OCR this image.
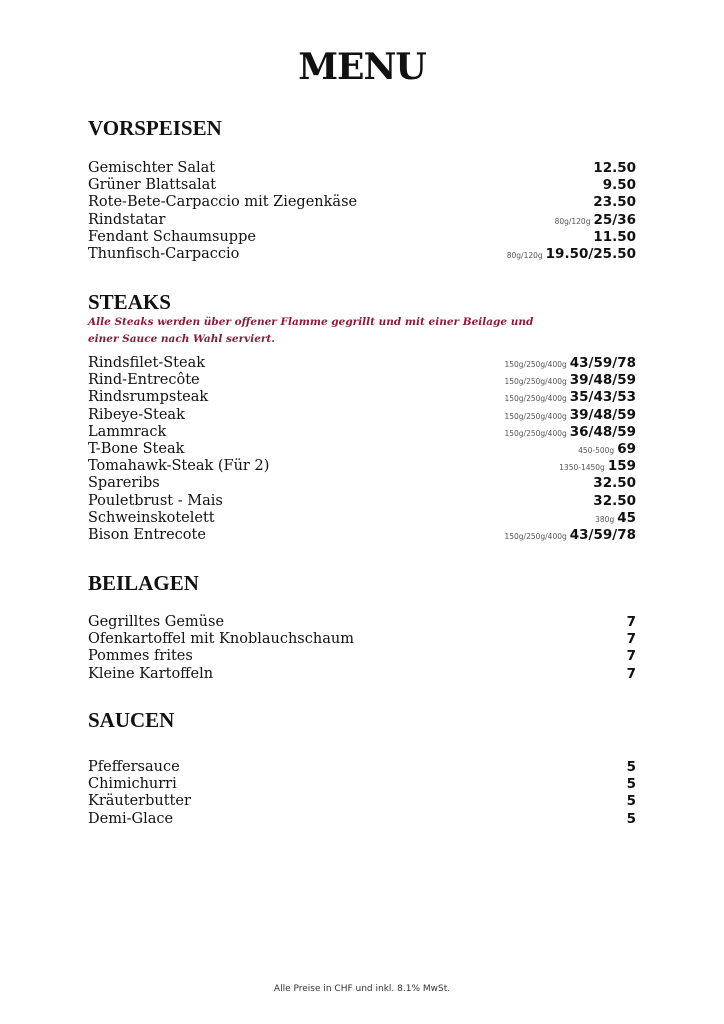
MENU
VORSPEISEN
Gemischter Salat	12.50
Grüner Blattsalat	9.50
Rote-Bete-Carpaccio mit Ziegenkäse	23.50
Rindstatar	80g/120g 25/36
Fendant Schaumsuppe	11.50
Thunfisch-Carpaccio	80g/120g 19.50/25.50
STEAKS
Alle Steaks werden über offener Flamme gegrillt und mit einer Beilage und einer Sauce nach Wahl serviert.
Rindsfilet-Steak	150g/250g/400g 43/59/78
Rind-Entrecôte	150g/250g/400g 39/48/59
Rindsrumpsteak	150g/250g/400g 35/43/53
Ribeye-Steak	150g/250g/400g 39/48/59
Lammrack	150g/250g/400g 36/48/59
T-Bone Steak	450-500g 69
Tomahawk-Steak (Für 2)	1350-1450g 159
Spareribs	32.50
Pouletbrust - Mais	32.50
Schweinskotelett	380g 45
Bison Entrecote	150g/250g/400g 43/59/78
BEILAGEN
Gegrilltes Gemüse	7
Ofenkartoffel mit Knoblauchschaum	7
Pommes frites	7
Kleine Kartoffeln	7
SAUCEN
Pfeffersauce	5
Chimichurri	5
Kräuterbutter	5
Demi-Glace	5
Alle Preise in CHF und inkl. 8.1% MwSt.
